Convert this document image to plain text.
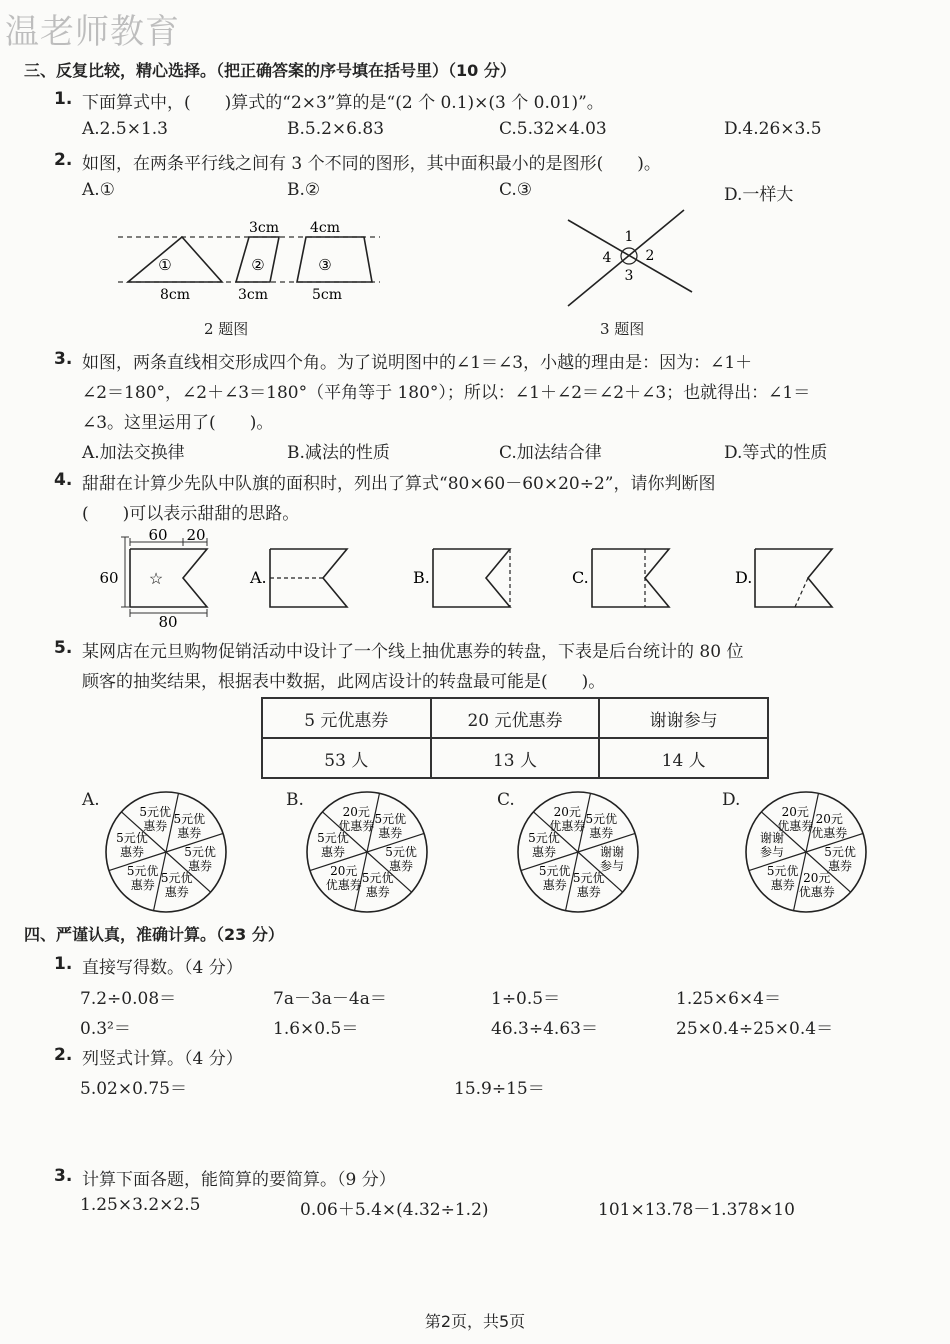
温老师教育
三、反复比较，精心选择。（把正确答案的序号填在括号里）（10 分）
1. 下面算式中，(　　)算式的“2×3”算的是“(2 个 0.1)×(3 个 0.01)”。
A.2.5×1.3	B.5.2×6.83	C.5.32×4.03	D.4.26×3.5
2. 如图，在两条平行线之间有 3 个不同的图形，其中面积最小的是图形(　　)。
A.①	B.②	C.③	D.一样大
①	②	③
3cm 4cm
8cm	3cm	5cm
2 题图
1
2
3
4
3 题图
3. 如图，两条直线相交形成四个角。为了说明图中的∠1＝∠3，小越的理由是：因为：∠1＋
∠2＝180°，∠2＋∠3＝180°（平角等于 180°）；所以：∠1＋∠2＝∠2＋∠3；也就得出：∠1＝
∠3。这里运用了(　　)。
A.加法交换律	B.减法的性质	C.加法结合律	D.等式的性质
4. 甜甜在计算少先队中队旗的面积时，列出了算式“80×60－60×20÷2”，请你判断图
(　　)可以表示甜甜的思路。
60 20
60
80
☆	A.	B.	C.	D.
5. 某网店在元旦购物促销活动中设计了一个线上抽优惠券的转盘，下表是后台统计的 80 位
顾客的抽奖结果，根据表中数据，此网店设计的转盘最可能是(　　)。
5 元优惠券	20 元优惠券	谢谢参与
53 人	13 人	14 人
A.	B.	C.	D.
5元优
惠券
5元优
惠券
5元优
惠券
5元优
惠券
5元优
惠券
5元优
惠券	5元优
惠券
5元优
惠券
5元优
惠券
20元
优惠券
5元优
惠券
20元
优惠券	5元优
惠券
谢谢
参与
5元优
惠券
5元优
惠券
5元优
惠券
20元
优惠券	20元
优惠券
5元优
惠券
20元
优惠券
5元优
惠券
谢谢
参与
20元
优惠券
四、严谨认真，准确计算。（23 分）
1. 直接写得数。（4 分）
7.2÷0.08＝	7a－3a－4a＝	1÷0.5＝	1.25×6×4＝
0.3²＝	1.6×0.5＝	46.3÷4.63＝	25×0.4÷25×0.4＝
2. 列竖式计算。（4 分）
5.02×0.75＝	15.9÷15＝
3. 计算下面各题，能简算的要简算。（9 分）
1.25×3.2×2.5	0.06＋5.4×(4.32÷1.2)	101×13.78－1.378×10
第2页，共5页
